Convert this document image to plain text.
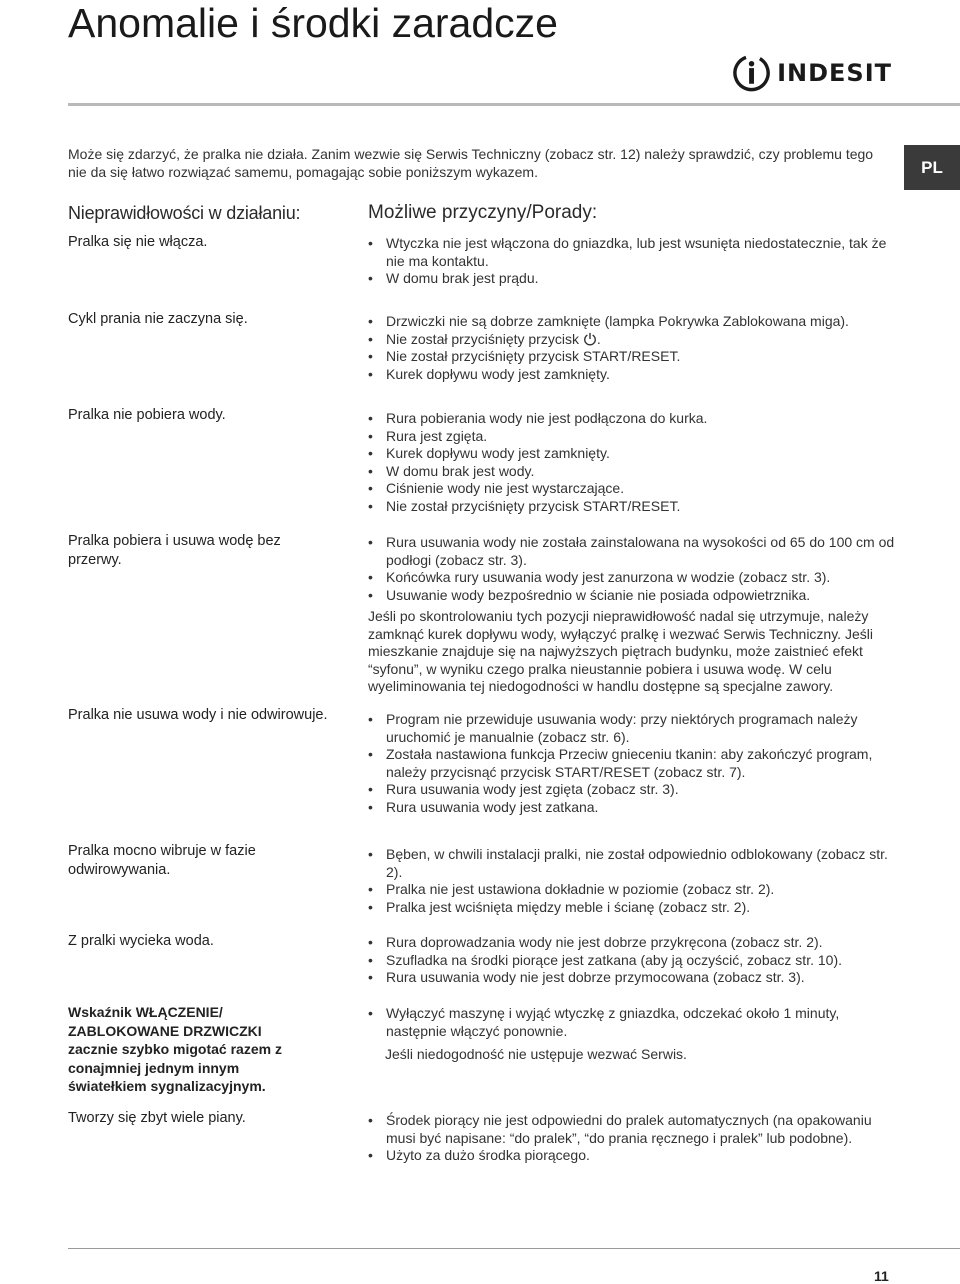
Anomalie i środki zaradcze
INDESIT
Może się zdarzyć, że pralka nie działa. Zanim wezwie się Serwis Techniczny (zobacz str. 12) należy sprawdzić, czy problemu tego nie da się łatwo rozwiązać samemu, pomagając sobie poniższym wykazem.	PL
Nieprawidłowości w działaniu:	Możliwe przyczyny/Porady:
Pralka się nie włącza.	• Wtyczka nie jest włączona do gniazdka, lub jest wsunięta niedostatecznie, tak że nie ma kontaktu.
• W domu brak jest prądu.
Cykl prania nie zaczyna się.	• Drzwiczki nie są dobrze zamknięte (lampka Pokrywka Zablokowana miga).
• Nie został przyciśnięty przycisk .
• Nie został przyciśnięty przycisk START/RESET.
• Kurek dopływu wody jest zamknięty.
Pralka nie pobiera wody.	• Rura pobierania wody nie jest podłączona do kurka.
• Rura jest zgięta.
• Kurek dopływu wody jest zamknięty.
• W domu brak jest wody.
• Ciśnienie wody nie jest wystarczające.
• Nie został przyciśnięty przycisk START/RESET.
Pralka pobiera i usuwa wodę bez przerwy.
• Rura usuwania wody nie została zainstalowana na wysokości od 65 do 100 cm od podłogi (zobacz str. 3).
• Końcówka rury usuwania wody jest zanurzona w wodzie (zobacz str. 3).
• Usuwanie wody bezpośrednio w ścianie nie posiada odpowietrznika.
Jeśli po skontrolowaniu tych pozycji nieprawidłowość nadal się utrzymuje, należy zamknąć kurek dopływu wody, wyłączyć pralkę i wezwać Serwis Techniczny. Jeśli mieszkanie znajduje się na najwyższych piętrach budynku, może zaistnieć efekt “syfonu”, w wyniku czego pralka nieustannie pobiera i usuwa wodę. W celu wyeliminowania tej niedogodności w handlu dostępne są specjalne zawory.
Pralka nie usuwa wody i nie odwirowuje.	• Program nie przewiduje usuwania wody: przy niektórych programach należy uruchomić je manualnie (zobacz str. 6).
• Została nastawiona funkcja Przeciw gnieceniu tkanin: aby zakończyć program, należy przycisnąć przycisk START/RESET (zobacz str. 7).
• Rura usuwania wody jest zgięta (zobacz str. 3).
• Rura usuwania wody jest zatkana.
Pralka mocno wibruje w fazie odwirowywania.
• Bęben, w chwili instalacji pralki, nie został odpowiednio odblokowany (zobacz str. 2).
• Pralka nie jest ustawiona dokładnie w poziomie (zobacz str. 2).
• Pralka jest wciśnięta między meble i ścianę (zobacz str. 2).
Z pralki wycieka woda.	• Rura doprowadzania wody nie jest dobrze przykręcona (zobacz str. 2).
• Szufladka na środki piorące jest zatkana (aby ją oczyścić, zobacz str. 10).
• Rura usuwania wody nie jest dobrze przymocowana (zobacz str. 3).
Wskaźnik WŁĄCZENIE/ ZABLOKOWANE DRZWICZKI zacznie szybko migotać razem z conajmniej jednym innym światełkiem sygnalizacyjnym.
• Wyłączyć maszynę i wyjąć wtyczkę z gniazdka, odczekać około 1 minuty, następnie włączyć ponownie.
Jeśli niedogodność nie ustępuje wezwać Serwis.
Tworzy się zbyt wiele piany.	• Środek piorący nie jest odpowiedni do pralek automatycznych (na opakowaniu musi być napisane: “do pralek”, “do prania ręcznego i pralek” lub podobne).
• Użyto za dużo środka piorącego.
11
